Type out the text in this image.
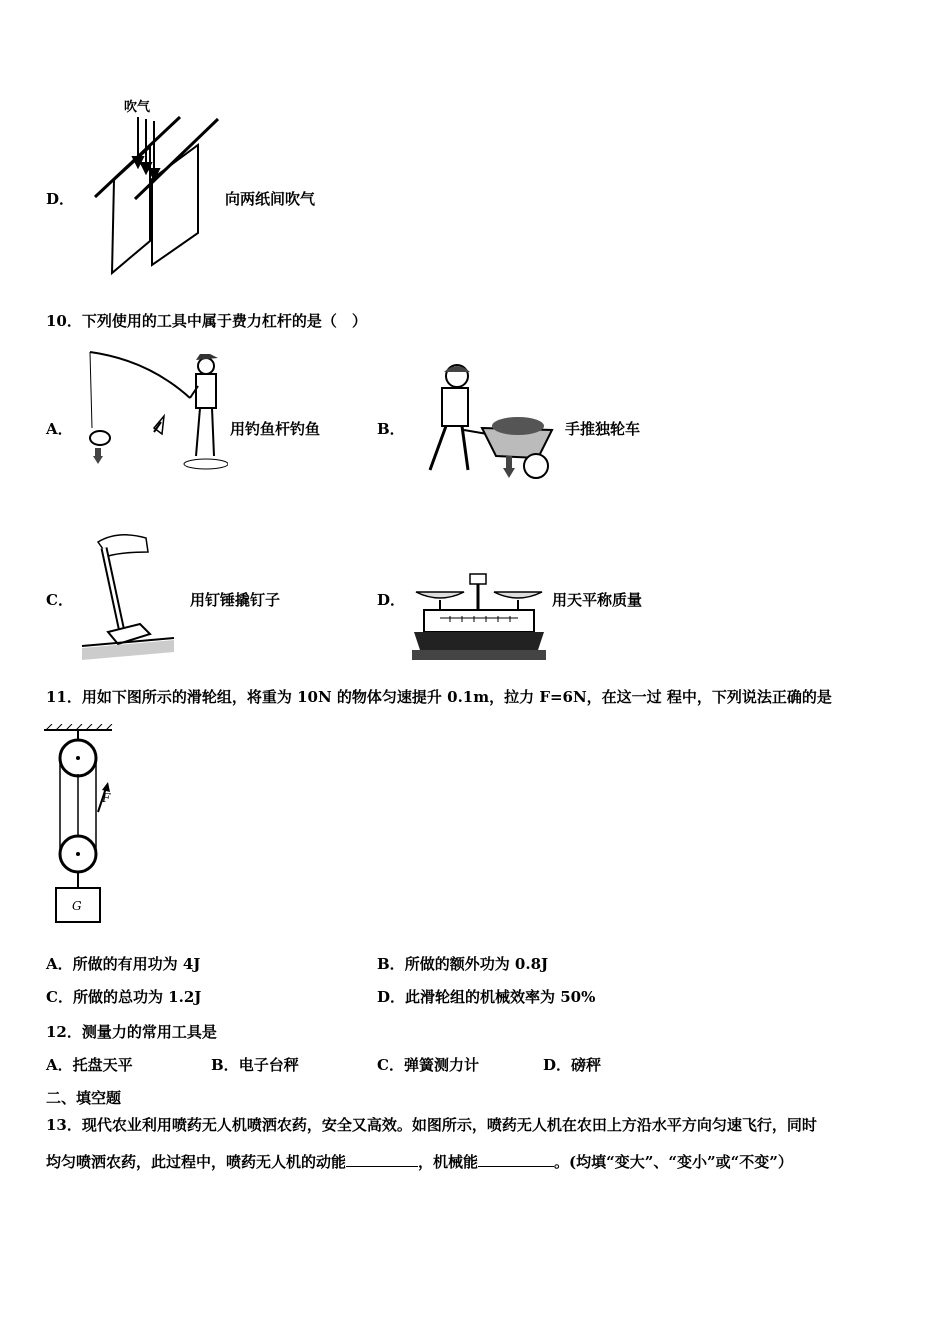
D．
吹气
向两纸间吹气
10．下列使用的工具中属于费力杠杆的是（　）
A．	用钓鱼杆钓鱼	B．	手推独轮车
C．	用钉锤撬钉子	D．	用天平称质量
11．用如下图所示的滑轮组，将重为 10N 的物体匀速提升 0.1m，拉力 F=6N，在这一过 程中，下列说法正确的是
F
G
A．所做的有用功为 4J	B．所做的额外功为 0.8J
C．所做的总功为 1.2J	D．此滑轮组的机械效率为 50%
12．测量力的常用工具是
A．托盘天平	B．电子台秤	C．弹簧测力计	D．磅秤
二、填空题
13．现代农业利用喷药无人机喷洒农药，安全又高效。如图所示，喷药无人机在农田上方沿水平方向匀速飞行，同时
均匀喷洒农药，此过程中，喷药无人机的动能	，机械能	。(均填“变大”、“变小”或“不变”）
